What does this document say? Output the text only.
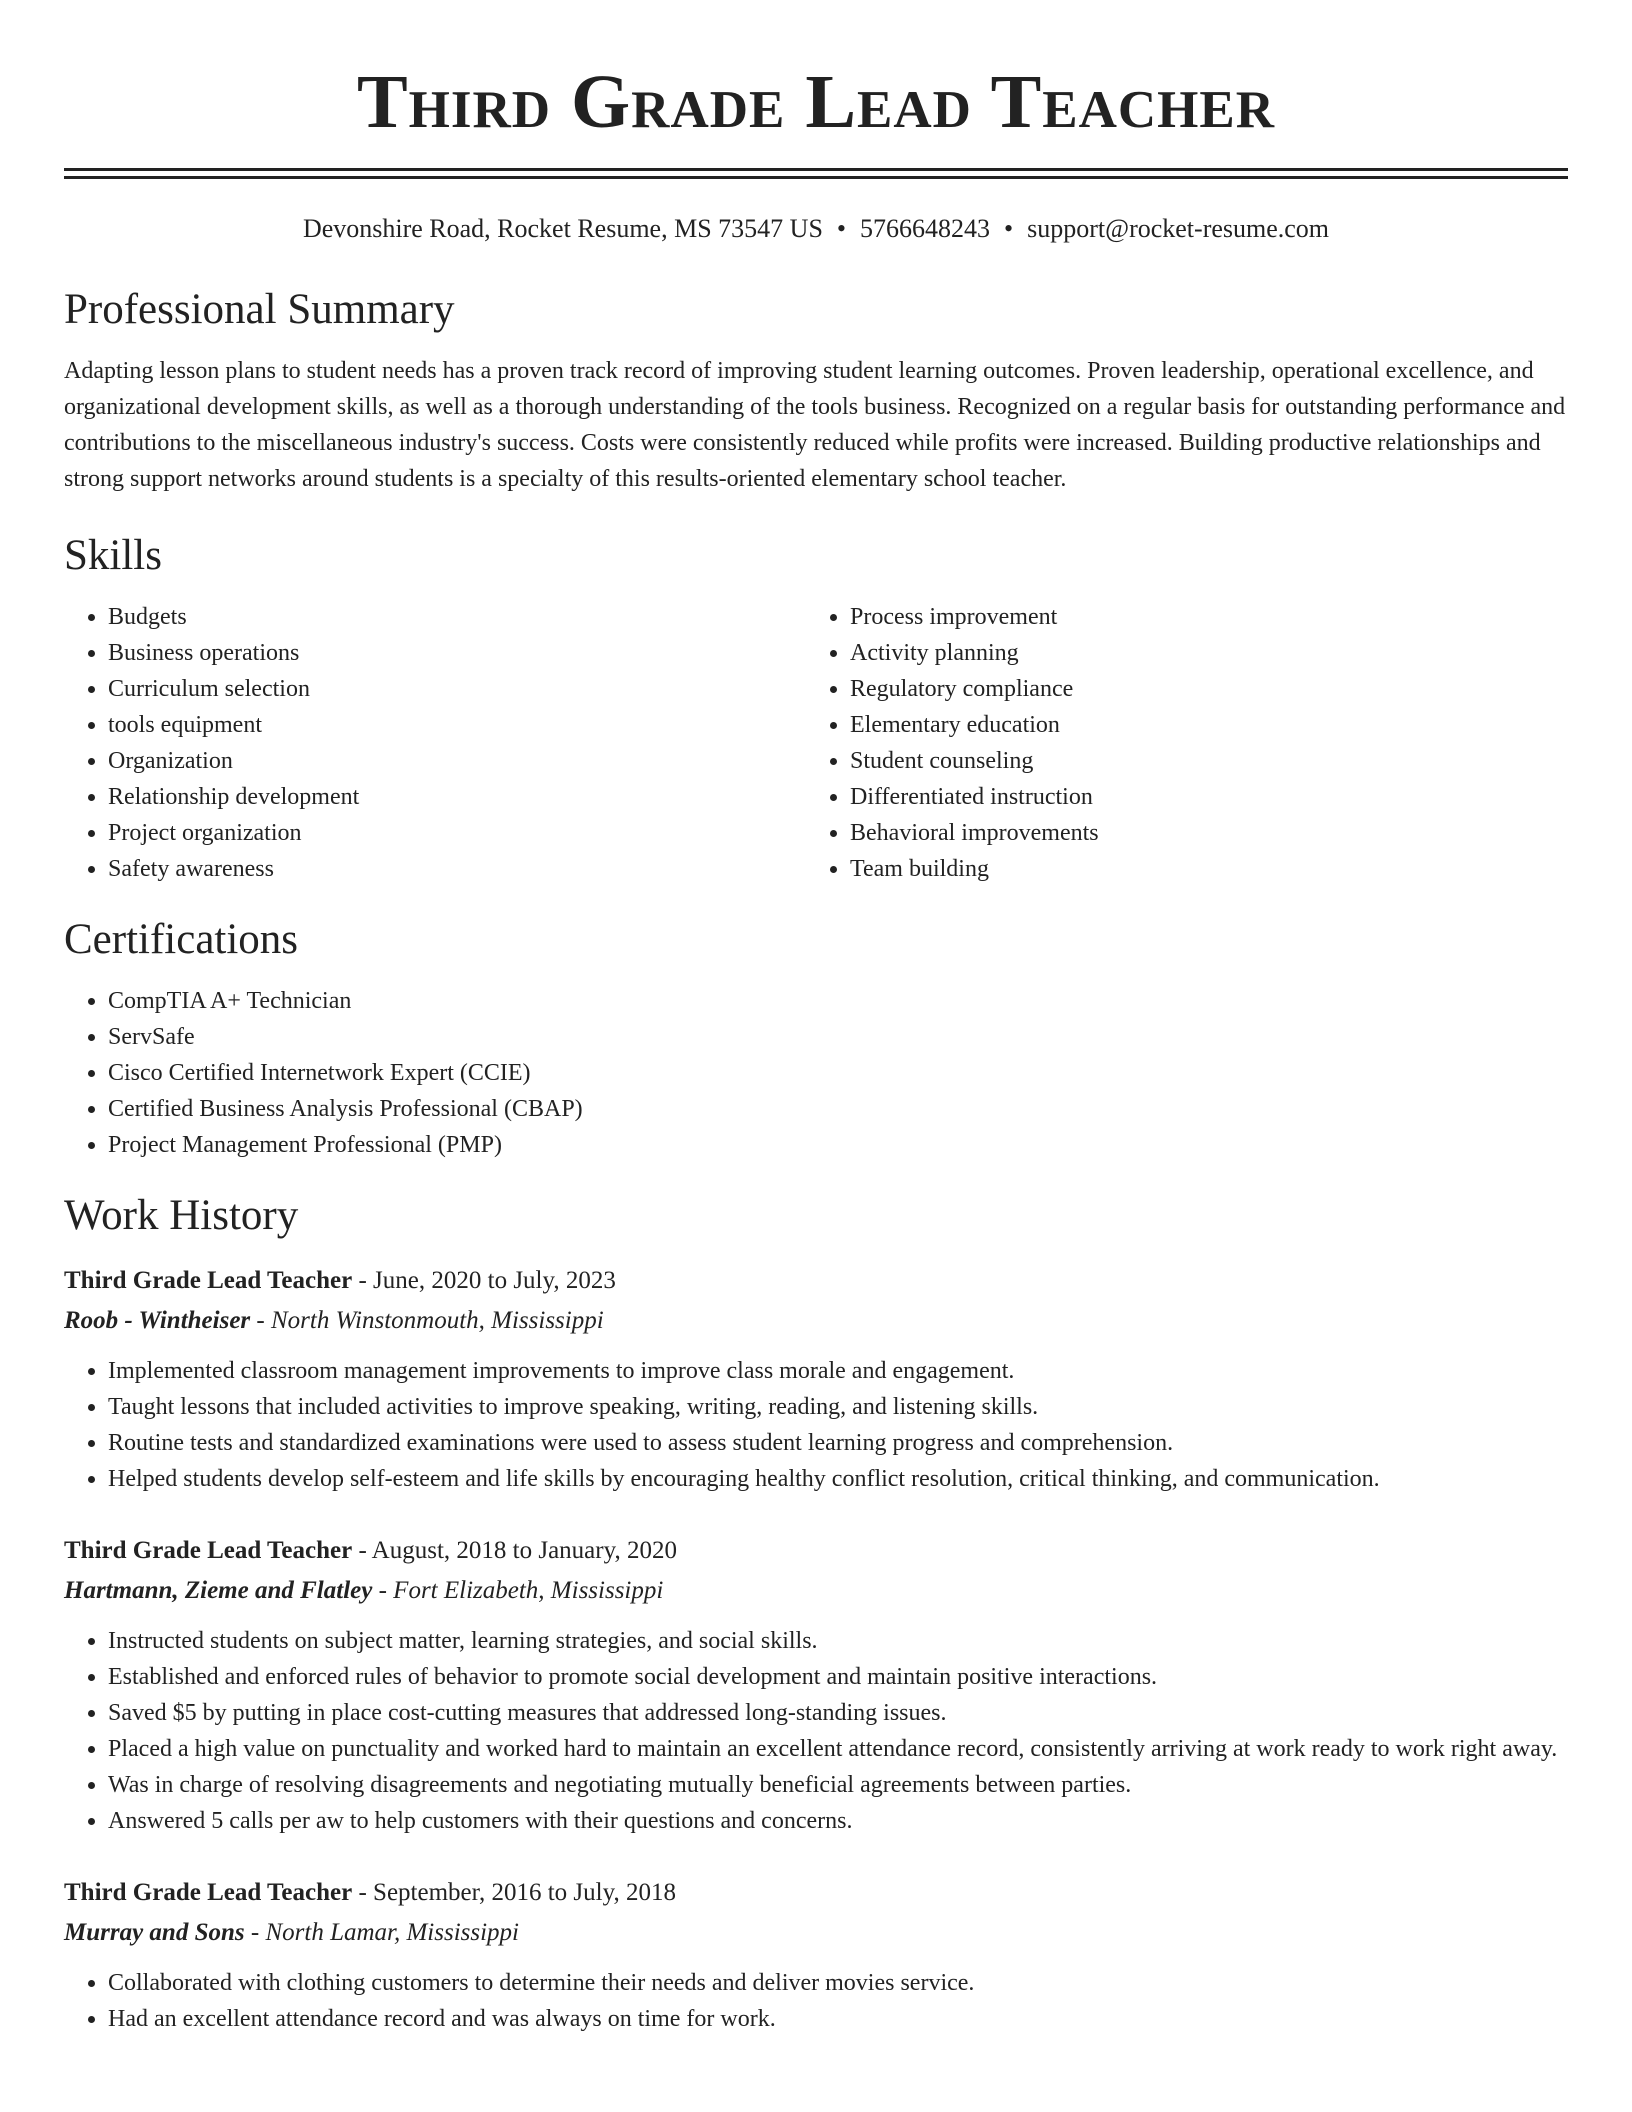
Third Grade Lead Teacher
Devonshire Road, Rocket Resume, MS 73547 US • 5766648243 • support@rocket-resume.com
Professional Summary

Adapting lesson plans to student needs has a proven track record of improving student learning outcomes. Proven leadership, operational excellence, and organizational development skills, as well as a thorough understanding of the tools business. Recognized on a regular basis for outstanding performance and contributions to the miscellaneous industry's success. Costs were consistently reduced while profits were increased. Building productive relationships and strong support networks around students is a specialty of this results-oriented elementary school teacher.

Skills
• Budgets
• Business operations
• Curriculum selection
• tools equipment
• Organization
• Relationship development
• Project organization
• Safety awareness
• Process improvement
• Activity planning
• Regulatory compliance
• Elementary education
• Student counseling
• Differentiated instruction
• Behavioral improvements
• Team building
Certifications
• CompTIA A+ Technician
• ServSafe
• Cisco Certified Internetwork Expert (CCIE)
• Certified Business Analysis Professional (CBAP)
• Project Management Professional (PMP)
Work History
Third Grade Lead Teacher - June, 2020 to July, 2023
Roob - Wintheiser - North Winstonmouth, Mississippi
• Implemented classroom management improvements to improve class morale and engagement.
• Taught lessons that included activities to improve speaking, writing, reading, and listening skills.
• Routine tests and standardized examinations were used to assess student learning progress and comprehension.
• Helped students develop self-esteem and life skills by encouraging healthy conflict resolution, critical thinking, and communication.
Third Grade Lead Teacher - August, 2018 to January, 2020
Hartmann, Zieme and Flatley - Fort Elizabeth, Mississippi
• Instructed students on subject matter, learning strategies, and social skills.
• Established and enforced rules of behavior to promote social development and maintain positive interactions.
• Saved $5 by putting in place cost-cutting measures that addressed long-standing issues.
• Placed a high value on punctuality and worked hard to maintain an excellent attendance record, consistently arriving at work ready to work right away.
• Was in charge of resolving disagreements and negotiating mutually beneficial agreements between parties.
• Answered 5 calls per aw to help customers with their questions and concerns.
Third Grade Lead Teacher - September, 2016 to July, 2018
Murray and Sons - North Lamar, Mississippi
• Collaborated with clothing customers to determine their needs and deliver movies service.
• Had an excellent attendance record and was always on time for work.
